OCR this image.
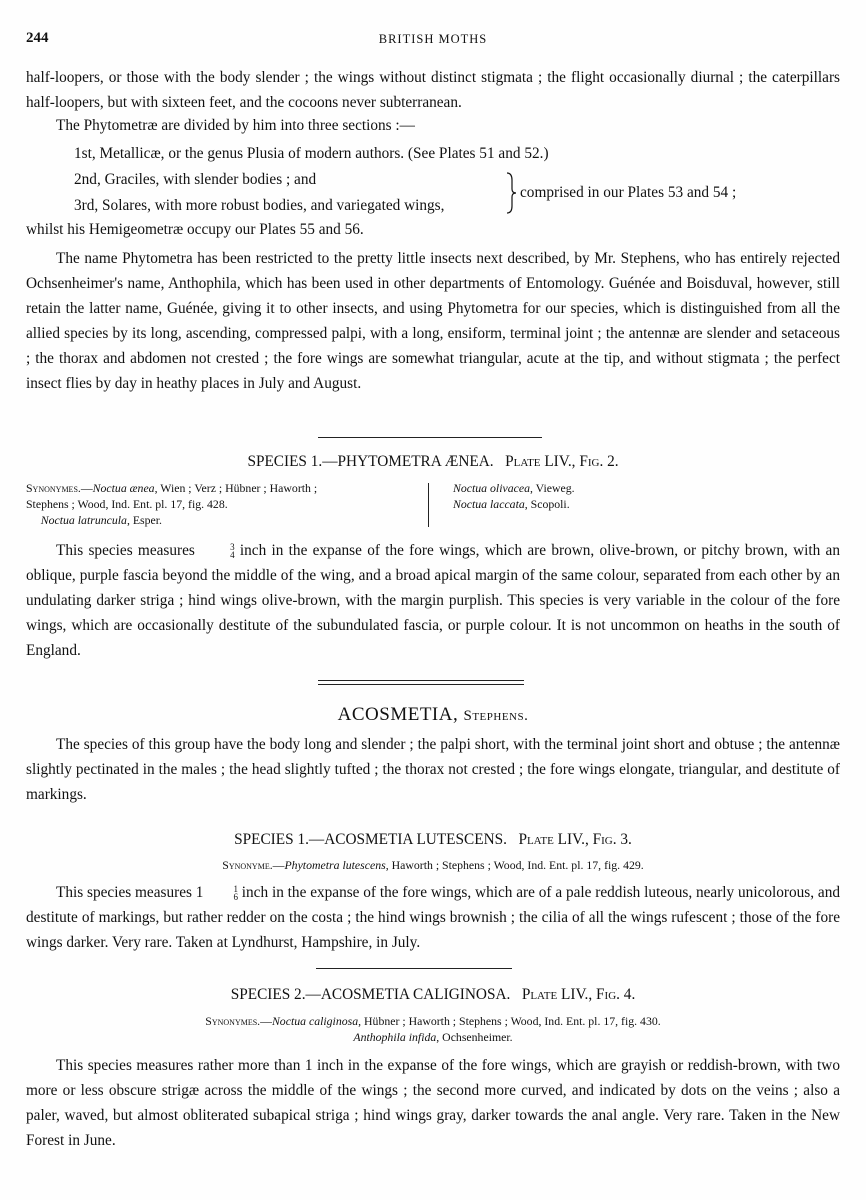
244	BRITISH MOTHS
half-loopers, or those with the body slender ; the wings without distinct stigmata ; the flight occasionally diurnal ; the caterpillars half-loopers, but with sixteen feet, and the cocoons never subterranean.
The Phytometræ are divided by him into three sections :—
1st, Metallicæ, or the genus Plusia of modern authors. (See Plates 51 and 52.)
2nd, Graciles, with slender bodies ; and
3rd, Solares, with more robust bodies, and variegated wings,
comprised in our Plates 53 and 54 ;
whilst his Hemigeometræ occupy our Plates 55 and 56.
The name Phytometra has been restricted to the pretty little insects next described, by Mr. Stephens, who has entirely rejected Ochsenheimer's name, Anthophila, which has been used in other departments of Entomology. Guénée and Boisduval, however, still retain the latter name, Guénée, giving it to other insects, and using Phytometra for our species, which is distinguished from all the allied species by its long, ascending, compressed palpi, with a long, ensiform, terminal joint ; the antennæ are slender and setaceous ; the thorax and abdomen not crested ; the fore wings are somewhat triangular, acute at the tip, and without stigmata ; the perfect insect flies by day in heathy places in July and August.
SPECIES 1.—PHYTOMETRA ÆNEA. Plate LIV., Fig. 2.
Synonymes.—Noctua ænea, Wien ; Verz ; Hübner ; Haworth ;
Stephens ; Wood, Ind. Ent. pl. 17, fig. 428.
Noctua latruncula, Esper.
Noctua olivacea, Vieweg.
Noctua laccata, Scopoli.
This species measures	3
4 inch in the expanse of the fore wings, which are brown, olive-brown, or pitchy brown, with an oblique, purple fascia beyond the middle of the wing, and a broad apical margin of the same colour, separated from each other by an undulating darker striga ; hind wings olive-brown, with the margin purplish. This species is very variable in the colour of the fore wings, which are occasionally destitute of the subundulated fascia, or purple colour. It is not uncommon on heaths in the south of England.
ACOSMETIA, Stephens.
The species of this group have the body long and slender ; the palpi short, with the terminal joint short and obtuse ; the antennæ slightly pectinated in the males ; the head slightly tufted ; the thorax not crested ; the fore wings elongate, triangular, and destitute of markings.
SPECIES 1.—ACOSMETIA LUTESCENS. Plate LIV., Fig. 3.
Synonyme.—Phytometra lutescens, Haworth ; Stephens ; Wood, Ind. Ent. pl. 17, fig. 429.
This species measures 1	1
6 inch in the expanse of the fore wings, which are of a pale reddish luteous, nearly unicolorous, and destitute of markings, but rather redder on the costa ; the hind wings brownish ; the cilia of all the wings rufescent ; those of the fore wings darker. Very rare. Taken at Lyndhurst, Hampshire, in July.
SPECIES 2.—ACOSMETIA CALIGINOSA. Plate LIV., Fig. 4.
Synonymes.—Noctua caliginosa, Hübner ; Haworth ; Stephens ; Wood, Ind. Ent. pl. 17, fig. 430.
Anthophila infida, Ochsenheimer.
This species measures rather more than 1 inch in the expanse of the fore wings, which are grayish or reddish-brown, with two more or less obscure strigæ across the middle of the wings ; the second more curved, and indicated by dots on the veins ; also a paler, waved, but almost obliterated subapical striga ; hind wings gray, darker towards the anal angle. Very rare. Taken in the New Forest in June.
